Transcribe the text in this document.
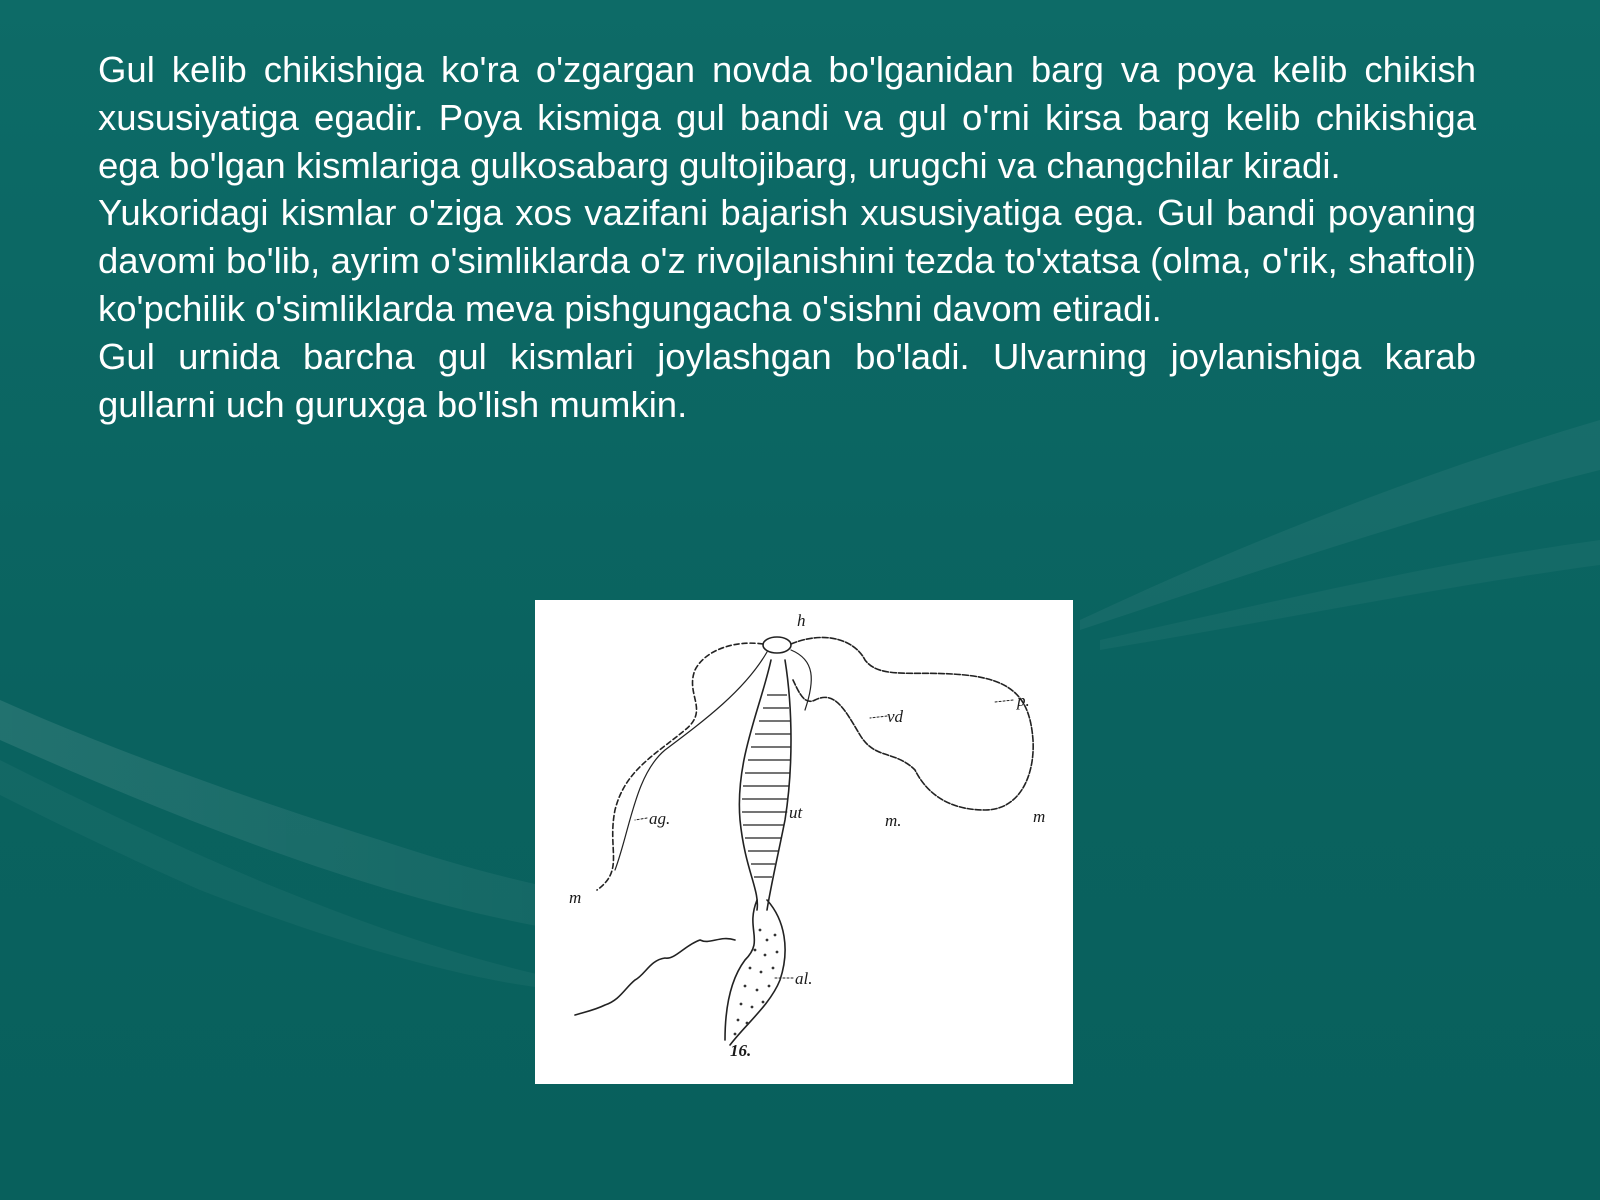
Gul kelib chikishiga ko'ra o'zgargan novda bo'lganidan barg va poya kelib chikish xususiyatiga egadir. Poya kismiga gul bandi va gul o'rni kirsa barg kelib chikishiga ega bo'lgan kismlariga gulkosabarg gultojibarg, urugchi va changchilar kiradi.

Yukoridagi kismlar o'ziga xos vazifani bajarish xususiyatiga ega. Gul bandi poyaning davomi bo'lib, ayrim o'simliklarda o'z rivojlanishini tezda to'xtatsa (olma, o'rik, shaftoli) ko'pchilik o'simliklarda meva pishgungacha o'sishni davom etiradi.

Gul urnida barcha gul kismlari joylashgan bo'ladi. Ulvarning joylanishiga karab gullarni uch guruxga bo'lish mumkin.

h
p.
vd
ag.	ut	m.	m
m
al.
16.
